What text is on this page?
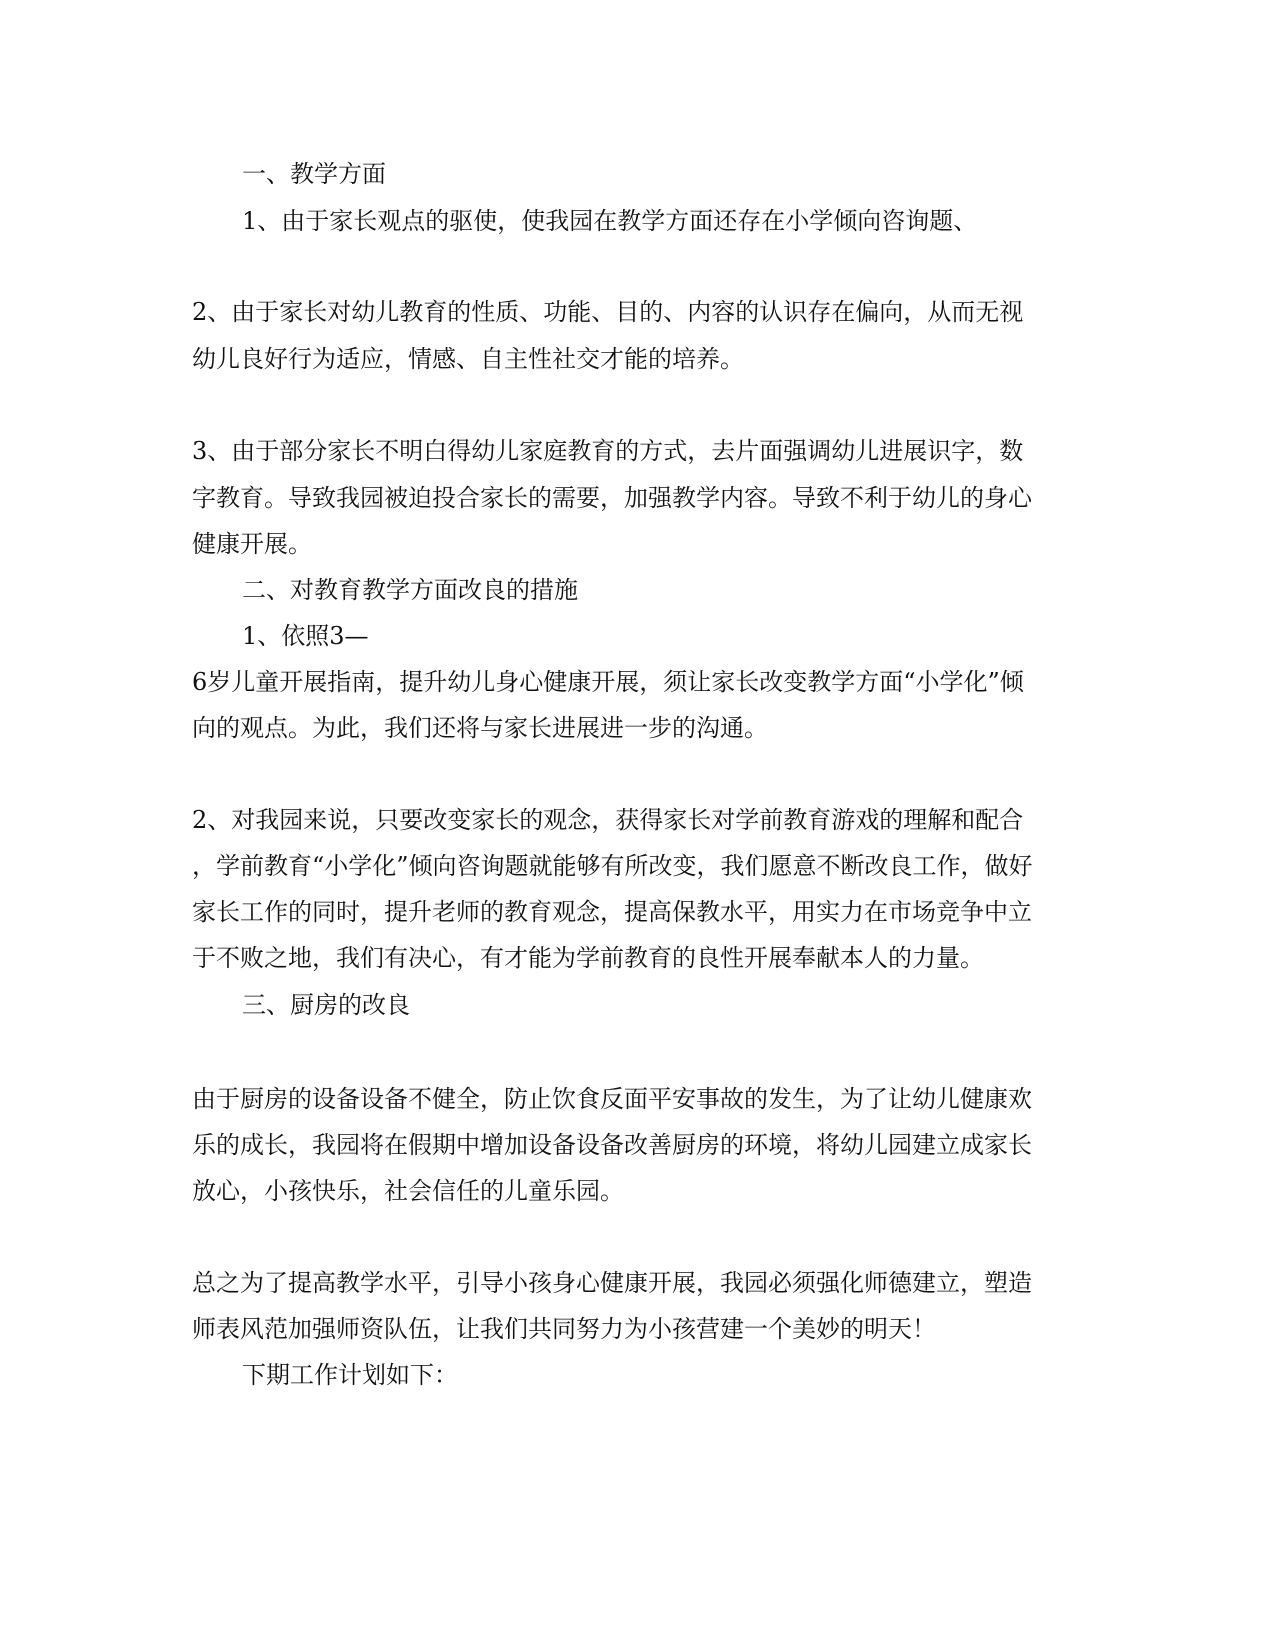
一、教学方面
1、由于家长观点的驱使，使我园在教学方面还存在小学倾向咨询题、
2、由于家长对幼儿教育的性质、功能、目的、内容的认识存在偏向，从而无视
幼儿良好行为适应，情感、自主性社交才能的培养。
3、由于部分家长不明白得幼儿家庭教育的方式，去片面强调幼儿进展识字，数
字教育。导致我园被迫投合家长的需要，加强教学内容。导致不利于幼儿的身心
健康开展。
二、对教育教学方面改良的措施
1、依照3—
6岁儿童开展指南，提升幼儿身心健康开展，须让家长改变教学方面“小学化”倾
向的观点。为此，我们还将与家长进展进一步的沟通。
2、对我园来说，只要改变家长的观念，获得家长对学前教育游戏的理解和配合
，学前教育“小学化”倾向咨询题就能够有所改变，我们愿意不断改良工作，做好
家长工作的同时，提升老师的教育观念，提高保教水平，用实力在市场竞争中立
于不败之地，我们有决心，有才能为学前教育的良性开展奉献本人的力量。
三、厨房的改良
由于厨房的设备设备不健全，防止饮食反面平安事故的发生，为了让幼儿健康欢
乐的成长，我园将在假期中增加设备设备改善厨房的环境，将幼儿园建立成家长
放心，小孩快乐，社会信任的儿童乐园。
总之为了提高教学水平，引导小孩身心健康开展，我园必须强化师德建立，塑造
师表风范加强师资队伍，让我们共同努力为小孩营建一个美妙的明天！
下期工作计划如下：
